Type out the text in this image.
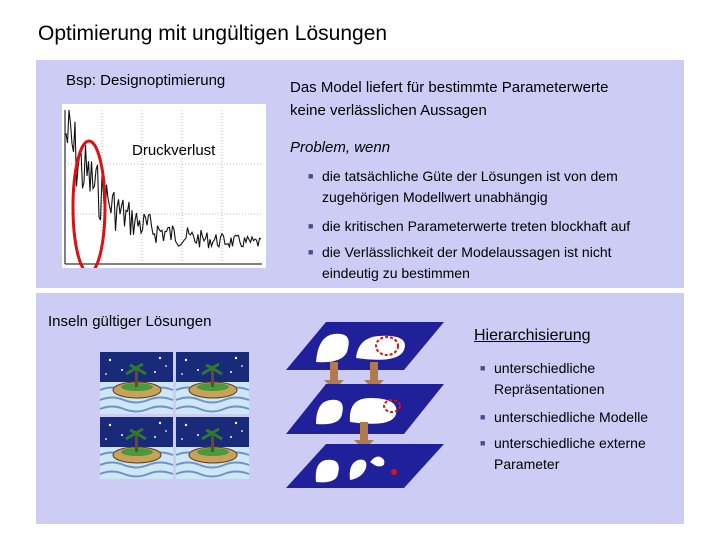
Optimierung mit ungültigen Lösungen
Bsp: Designoptimierung
Druckverlust
Das Model liefert für bestimmte Parameterwerte
keine verlässlichen Aussagen
Problem, wenn
■ die tatsächliche Güte der Lösungen ist von dem
zugehörigen Modellwert unabhängig
■ die kritischen Parameterwerte treten blockhaft auf
■ die Verlässlichkeit der Modelaussagen ist nicht
eindeutig zu bestimmen
Inseln gültiger Lösungen
Hierarchisierung
■ unterschiedliche
Repräsentationen
■ unterschiedliche Modelle
■ unterschiedliche externe
Parameter
